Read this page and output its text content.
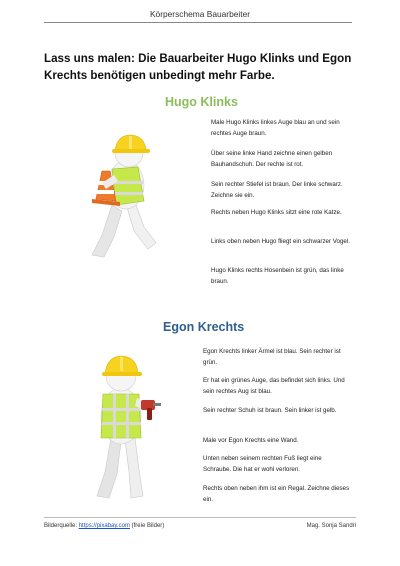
Körperschema Bauarbeiter
Lass uns malen: Die Bauarbeiter Hugo Klinks und Egon Krechts benötigen unbedingt mehr Farbe.
Hugo Klinks
Male Hugo Klinks linkes Auge blau an und sein rechtes Auge braun.
Über seine linke Hand zeichne einen gelben Bauhandschuh. Der rechte ist rot.
Sein rechter Stiefel ist braun. Der linke schwarz. Zeichne sie ein.
Rechts neben Hugo Klinks sitzt eine rote Katze.
Links oben neben Hugo fliegt ein schwarzer Vogel.
Hugo Klinks rechts Hosenbein ist grün, das linke braun.
Egon Krechts
Egon Krechts linker Ärmel ist blau. Sein rechter ist grün.
Er hat ein grünes Auge, das befindet sich links. Und sein rechtes Aug ist blau.
Sein rechter Schuh ist braun. Sein linker ist gelb.
Male vor Egon Krechts eine Wand.
Unten neben seinem rechten Fuß liegt eine Schraube. Die hat er wohl verloren.
Rechts oben neben ihm ist ein Regal. Zeichne dieses ein.
Bilderquelle: https://pixabay.com (freie Bilder)	Mag. Sonja Sandri
